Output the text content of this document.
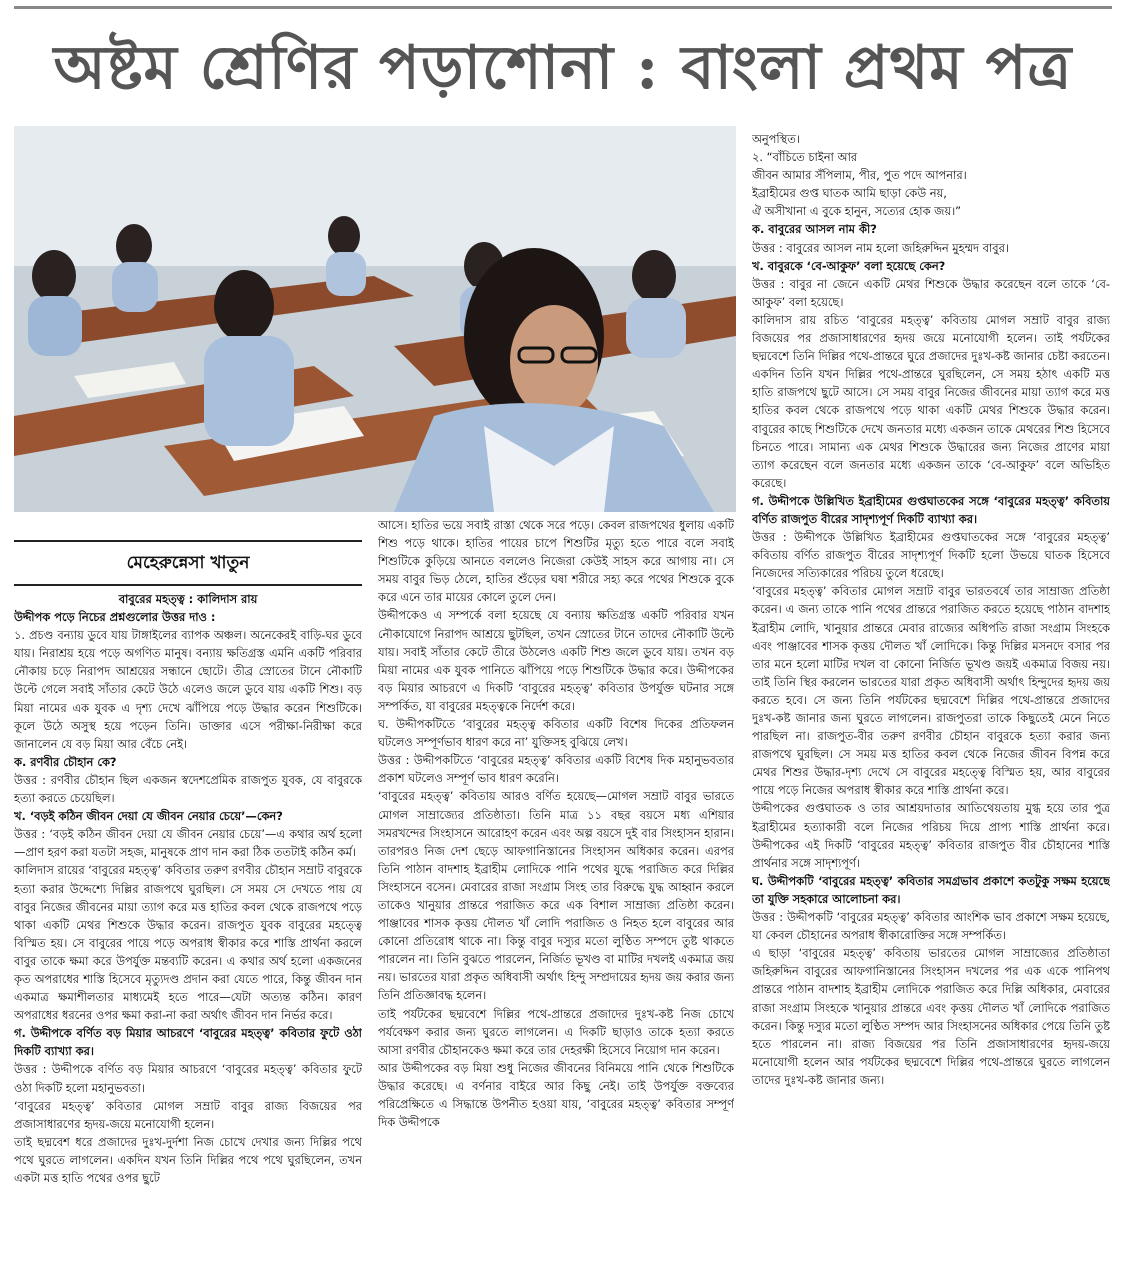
অষ্টম শ্রেণির পড়াশোনা : বাংলা প্রথম পত্র
মেহেরুন্নেসা খাতুন

বাবুরের মহত্ত্ব : কালিদাস রায়

উদ্দীপক পড়ে নিচের প্রশ্নগুলোর উত্তর দাও :

১. প্রচণ্ড বন্যায় ডুবে যায় টাঙ্গাইলের ব্যাপক অঞ্চল। অনেকেরই বাড়ি-ঘর ডুবে যায়। নিরাশ্রয় হয়ে পড়ে অগণিত মানুষ। বন্যায় ক্ষতিগ্রস্ত এমনি একটি পরিবার নৌকায় চড়ে নিরাপদ আশ্রয়ের সন্ধানে ছোটে। তীব্র স্রোতের টানে নৌকাটি উল্টে গেলে সবাই সাঁতার কেটে উঠে এলেও জলে ডুবে যায় একটি শিশু। বড় মিয়া নামের এক যুবক এ দৃশ্য দেখে ঝাঁপিয়ে পড়ে উদ্ধার করেন শিশুটিকে। কূলে উঠে অসুস্থ হয়ে পড়েন তিনি। ডাক্তার এসে পরীক্ষা-নিরীক্ষা করে জানালেন যে বড় মিয়া আর বেঁচে নেই।

ক. রণবীর চৌহান কে?

উত্তর : রণবীর চৌহান ছিল একজন স্বদেশপ্রেমিক রাজপুত যুবক, যে বাবুরকে হত্যা করতে চেয়েছিল।

খ. ‘বড়ই কঠিন জীবন দেয়া যে জীবন নেয়ার চেয়ে’—কেন?

উত্তর : ‘বড়ই কঠিন জীবন দেয়া যে জীবন নেয়ার চেয়ে’—এ কথার অর্থ হলো—প্রাণ হরণ করা যতটা সহজ, মানুষকে প্রাণ দান করা ঠিক ততটাই কঠিন কর্ম।

কালিদাস রায়ের ‘বাবুরের মহত্ত্ব’ কবিতার তরুণ রণবীর চৌহান সম্রাট বাবুরকে হত্যা করার উদ্দেশ্যে দিল্লির রাজপথে ঘুরছিল। সে সময় সে দেখতে পায় যে বাবুর নিজের জীবনের মায়া ত্যাগ করে মত্ত হাতির কবল থেকে রাজপথে পড়ে থাকা একটি মেথর শিশুকে উদ্ধার করেন। রাজপুত যুবক বাবুরের মহত্ত্বে বিস্মিত হয়। সে বাবুরের পায়ে পড়ে অপরাধ স্বীকার করে শাস্তি প্রার্থনা করলে বাবুর তাকে ক্ষমা করে উপর্যুক্ত মন্তব্যটি করেন। এ কথার অর্থ হলো একজনের কৃত অপরাধের শাস্তি হিসেবে মৃত্যুদণ্ড প্রদান করা যেতে পারে, কিন্তু জীবন দান একমাত্র ক্ষমাশীলতার মাধ্যমেই হতে পারে—যেটা অত্যন্ত কঠিন। কারণ অপরাধের ধরনের ওপর ক্ষমা করা-না করা অর্থাৎ জীবন দান নির্ভর করে।

গ. উদ্দীপকে বর্ণিত বড় মিয়ার আচরণে ‘বাবুরের মহত্ত্ব’ কবিতার ফুটে ওঠা দিকটি ব্যাখ্যা কর।

উত্তর : উদ্দীপকে বর্ণিত বড় মিয়ার আচরণে ‘বাবুরের মহত্ত্ব’ কবিতার ফুটে ওঠা দিকটি হলো মহানুভবতা।

‘বাবুরের মহত্ত্ব’ কবিতার মোগল সম্রাট বাবুর রাজ্য বিজয়ের পর প্রজাসাধারণের হৃদয়-জয়ে মনোযোগী হলেন।

তাই ছদ্মবেশ ধরে প্রজাদের দুঃখ-দুর্দশা নিজ চোখে দেখার জন্য দিল্লির পথে পথে ঘুরতে লাগলেন। একদিন যখন তিনি দিল্লির পথে পথে ঘুরছিলেন, তখন একটা মত্ত হাতি পথের ওপর ছুটে

আসে। হাতির ভয়ে সবাই রাস্তা থেকে সরে পড়ে। কেবল রাজপথের ধুলায় একটি শিশু পড়ে থাকে। হাতির পায়ের চাপে শিশুটির মৃত্যু হতে পারে বলে সবাই শিশুটিকে কুড়িয়ে আনতে বললেও নিজেরা কেউই সাহস করে আগায় না। সে সময় বাবুর ভিড় ঠেলে, হাতির শুঁড়ের ঘষা শরীরে সহ্য করে পথের শিশুকে বুকে করে এনে তার মায়ের কোলে তুলে দেন।

উদ্দীপকেও এ সম্পর্কে বলা হয়েছে যে বন্যায় ক্ষতিগ্রস্ত একটি পরিবার যখন নৌকাযোগে নিরাপদ আশ্রয়ে ছুটছিল, তখন স্রোতের টানে তাদের নৌকাটি উল্টে যায়। সবাই সাঁতার কেটে তীরে উঠলেও একটি শিশু জলে ডুবে যায়। তখন বড় মিয়া নামের এক যুবক পানিতে ঝাঁপিয়ে পড়ে শিশুটিকে উদ্ধার করে। উদ্দীপকের বড় মিয়ার আচরণে এ দিকটি ‘বাবুরের মহত্ত্ব’ কবিতার উপর্যুক্ত ঘটনার সঙ্গে সম্পর্কিত, যা বাবুরের মহত্ত্বকে নির্দেশ করে।

ঘ. উদ্দীপকটিতে ‘বাবুরের মহত্ত্ব কবিতার একটি বিশেষ দিকের প্রতিফলন ঘটলেও সম্পূর্ণভাব ধারণ করে না’ যুক্তিসহ বুঝিয়ে লেখ।

উত্তর : উদ্দীপকটিতে ‘বাবুরের মহত্ত্ব’ কবিতার একটি বিশেষ দিক মহানুভবতার প্রকাশ ঘটলেও সম্পূর্ণ ভাব ধারণ করেনি।

‘বাবুরের মহত্ত্ব’ কবিতায় আরও বর্ণিত হয়েছে—মোগল সম্রাট বাবুর ভারতে মোগল সাম্রাজ্যের প্রতিষ্ঠাতা। তিনি মাত্র ১১ বছর বয়সে মধ্য এশিয়ার সমরখন্দের সিংহাসনে আরোহণ করেন এবং অল্প বয়সে দুই বার সিংহাসন হারান। তারপরও নিজ দেশ ছেড়ে আফগানিস্তানের সিংহাসন অধিকার করেন। এরপর তিনি পাঠান বাদশাহ ইব্রাহীম লোদিকে পানি পথের যুদ্ধে পরাজিত করে দিল্লির সিংহাসনে বসেন। মেবারের রাজা সংগ্রাম সিংহ তার বিরুদ্ধে যুদ্ধ আহ্বান করলে তাকেও খানুয়ার প্রান্তরে পরাজিত করে এক বিশাল সাম্রাজ্য প্রতিষ্ঠা করেন। পাঞ্জাবের শাসক কৃত্তয় দৌলত খাঁ লোদি পরাজিত ও নিহত হলে বাবুরের আর কোনো প্রতিরোধ থাকে না। কিন্তু বাবুর দস্যুর মতো লুণ্ঠিত সম্পদে তুষ্ট থাকতে পারলেন না। তিনি বুঝতে পারলেন, নির্জিত ভূখণ্ড বা মাটির দখলই একমাত্র জয় নয়। ভারতের যারা প্রকৃত অধিবাসী অর্থাৎ হিন্দু সম্প্রদায়ের হৃদয় জয় করার জন্য তিনি প্রতিজ্ঞাবদ্ধ হলেন।

তাই পর্যটকের ছদ্মবেশে দিল্লির পথে-প্রান্তরে প্রজাদের দুঃখ-কষ্ট নিজ চোখে পর্যবেক্ষণ করার জন্য ঘুরতে লাগলেন। এ দিকটি ছাড়াও তাকে হত্যা করতে আসা রণবীর চৌহানকেও ক্ষমা করে তার দেহরক্ষী হিসেবে নিয়োগ দান করেন।

আর উদ্দীপকের বড় মিয়া শুধু নিজের জীবনের বিনিময়ে পানি থেকে শিশুটিকে উদ্ধার করেছে। এ বর্ণনার বাইরে আর কিছু নেই। তাই উপর্যুক্ত বক্তব্যের পরিপ্রেক্ষিতে এ সিদ্ধান্তে উপনীত হওয়া যায়, ‘বাবুরের মহত্ত্ব’ কবিতার সম্পূর্ণ দিক উদ্দীপকে

অনুপস্থিত।

২. “বাঁচিতে চাইনা আর

জীবন আমার সঁপিলাম, পীর, পুত পদে আপনার।

ইব্রাহীমের গুপ্ত ঘাতক আমি ছাড়া কেউ নয়,

ঐ অসীখানা এ বুকে হানুন, সত্যের হোক জয়।”

ক. বাবুরের আসল নাম কী?

উত্তর : বাবুরের আসল নাম হলো জহিরুদ্দিন মুহম্মদ বাবুর।

খ. বাবুরকে ‘বে-আকুফ’ বলা হয়েছে কেন?

উত্তর : বাবুর না জেনে একটি মেথর শিশুকে উদ্ধার করেছেন বলে তাকে ‘বে-আকুফ’ বলা হয়েছে।

কালিদাস রায় রচিত ‘বাবুরের মহত্ত্ব’ কবিতায় মোগল সম্রাট বাবুর রাজ্য বিজয়ের পর প্রজাসাধারণের হৃদয় জয়ে মনোযোগী হলেন। তাই পর্যটকের ছদ্মবেশে তিনি দিল্লির পথে-প্রান্তরে ঘুরে প্রজাদের দুঃখ-কষ্ট জানার চেষ্টা করতেন। একদিন তিনি যখন দিল্লির পথে-প্রান্তরে ঘুরছিলেন, সে সময় হঠাৎ একটি মত্ত হাতি রাজপথে ছুটে আসে। সে সময় বাবুর নিজের জীবনের মায়া ত্যাগ করে মত্ত হাতির কবল থেকে রাজপথে পড়ে থাকা একটি মেথর শিশুকে উদ্ধার করেন। বাবুরের কাছে শিশুটিকে দেখে জনতার মধ্যে একজন তাকে মেথরের শিশু হিসেবে চিনতে পারে। সামান্য এক মেথর শিশুকে উদ্ধারের জন্য নিজের প্রাণের মায়া ত্যাগ করেছেন বলে জনতার মধ্যে একজন তাকে ‘বে-আকুফ’ বলে অভিহিত করেছে।

গ. উদ্দীপকে উল্লিখিত ইব্রাহীমের গুপ্তঘাতকের সঙ্গে ‘বাবুরের মহত্ত্ব’ কবিতায় বর্ণিত রাজপুত বীরের সাদৃশ্যপূর্ণ দিকটি ব্যাখ্যা কর।

উত্তর : উদ্দীপকে উল্লিখিত ইব্রাহীমের গুপ্তঘাতকের সঙ্গে ‘বাবুরের মহত্ত্ব’ কবিতায় বর্ণিত রাজপুত বীরের সাদৃশ্যপূর্ণ দিকটি হলো উভয়ে ঘাতক হিসেবে নিজেদের সত্যিকারের পরিচয় তুলে ধরেছে।

‘বাবুরের মহত্ত্ব’ কবিতার মোগল সম্রাট বাবুর ভারতবর্ষে তার সাম্রাজ্য প্রতিষ্ঠা করেন। এ জন্য তাকে পানি পথের প্রান্তরে পরাজিত করতে হয়েছে পাঠান বাদশাহ ইব্রাহীম লোদি, খানুয়ার প্রান্তরে মেবার রাজ্যের অধিপতি রাজা সংগ্রাম সিংহকে এবং পাঞ্জাবের শাসক কৃত্তয় দৌলত খাঁ লোদিকে। কিন্তু দিল্লির মসনদে বসার পর তার মনে হলো মাটির দখল বা কোনো নির্জিত ভূখণ্ড জয়ই একমাত্র বিজয় নয়। তাই তিনি স্থির করলেন ভারতের যারা প্রকৃত অধিবাসী অর্থাৎ হিন্দুদের হৃদয় জয় করতে হবে। সে জন্য তিনি পর্যটকের ছদ্মবেশে দিল্লির পথে-প্রান্তরে প্রজাদের দুঃখ-কষ্ট জানার জন্য ঘুরতে লাগলেন। রাজপুতরা তাকে কিছুতেই মেনে নিতে পারছিল না। রাজপুত-বীর তরুণ রণবীর চৌহান বাবুরকে হত্যা করার জন্য রাজপথে ঘুরছিল। সে সময় মত্ত হাতির কবল থেকে নিজের জীবন বিপন্ন করে মেথর শিশুর উদ্ধার-দৃশ্য দেখে সে বাবুরের মহত্ত্বে বিস্মিত হয়, আর বাবুরের পায়ে পড়ে নিজের অপরাধ স্বীকার করে শাস্তি প্রার্থনা করে।

উদ্দীপকের গুপ্তঘাতক ও তার আশ্রয়দাতার আতিথেয়তায় মুগ্ধ হয়ে তার পুত্র ইব্রাহীমের হত্যাকারী বলে নিজের পরিচয় দিয়ে প্রাপ্য শাস্তি প্রার্থনা করে। উদ্দীপকের এই দিকটি ‘বাবুরের মহত্ত্ব’ কবিতার রাজপুত বীর চৌহানের শাস্তি প্রার্থনার সঙ্গে সাদৃশ্যপূর্ণ।

ঘ. উদ্দীপকটি ‘বাবুরের মহত্ত্ব’ কবিতার সমগ্রভাব প্রকাশে কতটুকু সক্ষম হয়েছে তা যুক্তি সহকারে আলোচনা কর।

উত্তর : উদ্দীপকটি ‘বাবুরের মহত্ত্ব’ কবিতার আংশিক ভাব প্রকাশে সক্ষম হয়েছে, যা কেবল চৌহানের অপরাধ স্বীকারোক্তির সঙ্গে সম্পর্কিত।

এ ছাড়া ‘বাবুরের মহত্ত্ব’ কবিতায় ভারতের মোগল সাম্রাজ্যের প্রতিষ্ঠাতা জহিরুদ্দিন বাবুরের আফগানিস্তানের সিংহাসন দখলের পর এক একে পানিপথ প্রান্তরে পাঠান বাদশাহ ইব্রাহীম লোদিকে পরাজিত করে দিল্লি অধিকার, মেবারের রাজা সংগ্রাম সিংহকে খানুয়ার প্রান্তরে এবং কৃত্তয় দৌলত খাঁ লোদিকে পরাজিত করেন। কিন্তু দস্যুর মতো লুণ্ঠিত সম্পদ আর সিংহাসনের অধিকার পেয়ে তিনি তুষ্ট হতে পারলেন না। রাজ্য বিজয়ের পর তিনি প্রজাসাধারণের হৃদয়-জয়ে মনোযোগী হলেন আর পর্যটকের ছদ্মবেশে দিল্লির পথে-প্রান্তরে ঘুরতে লাগলেন তাদের দুঃখ-কষ্ট জানার জন্য।
